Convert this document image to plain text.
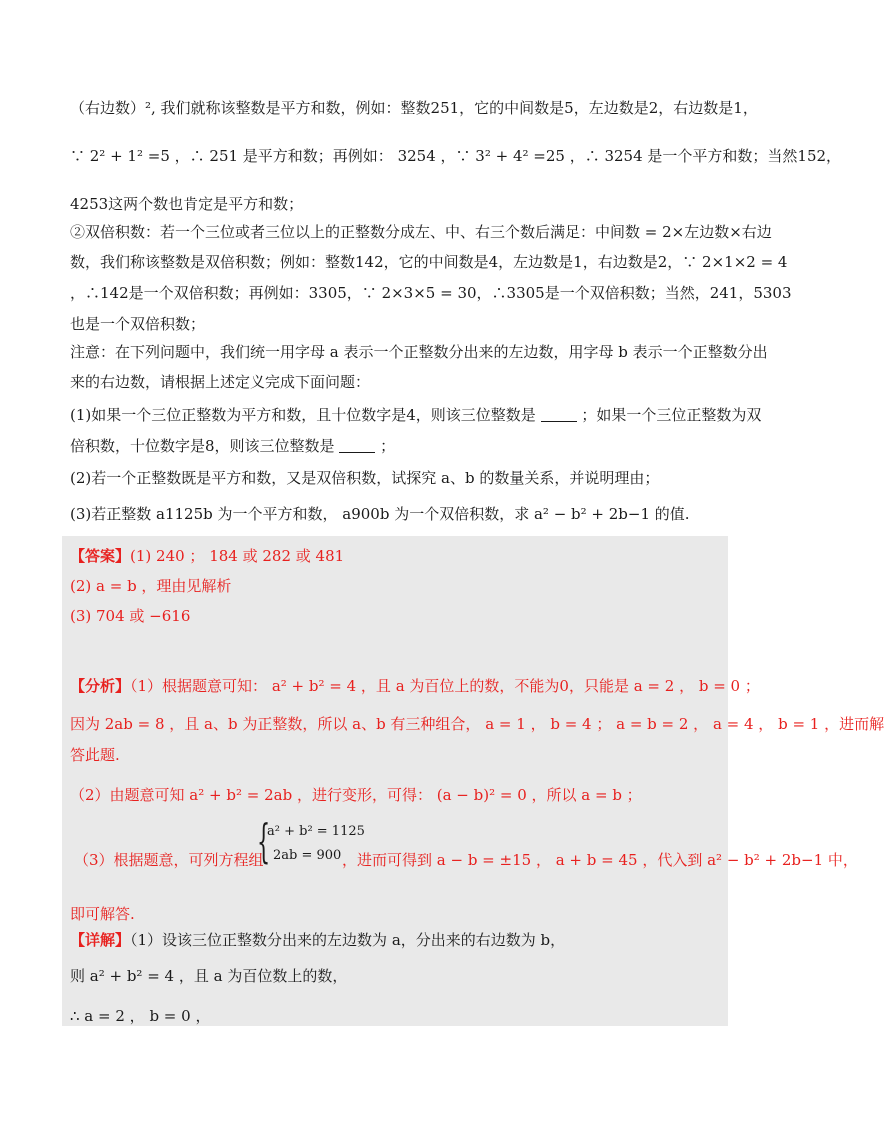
（右边数）², 我们就称该整数是平方和数，例如：整数251，它的中间数是5，左边数是2，右边数是1，
∵ 2² + 1² =5 ，∴ 251 是平方和数；再例如： 3254 ，∵ 3² + 4² =25 ，∴ 3254 是一个平方和数；当然152，
4253这两个数也肯定是平方和数；
②双倍积数：若一个三位或者三位以上的正整数分成左、中、右三个数后满足：中间数 = 2×左边数×右边
数，我们称该整数是双倍积数；例如：整数142，它的中间数是4，左边数是1，右边数是2，∵ 2×1×2 = 4
，∴142是一个双倍积数；再例如：3305，∵ 2×3×5 = 30，∴3305是一个双倍积数；当然，241，5303
也是一个双倍积数；
注意：在下列问题中，我们统一用字母 a 表示一个正整数分出来的左边数，用字母 b 表示一个正整数分出
来的右边数，请根据上述定义完成下面问题：
(1)如果一个三位正整数为平方和数，且十位数字是4，则该三位整数是	；如果一个三位正整数为双
倍积数，十位数字是8，则该三位整数是	；
(2)若一个正整数既是平方和数，又是双倍积数，试探究 a、b 的数量关系，并说明理由；
(3)若正整数 a1125b 为一个平方和数， a900b 为一个双倍积数，求 a² − b² + 2b−1 的值.
【答案】(1) 240 ； 184 或 282 或 481
(2) a = b ，理由见解析
(3) 704 或 −616
【分析】（1）根据题意可知： a² + b² = 4 ，且 a 为百位上的数，不能为0，只能是 a = 2 ， b = 0 ；
因为 2ab = 8 ，且 a、b 为正整数，所以 a、b 有三种组合， a = 1 ， b = 4 ； a = b = 2 ， a = 4 ， b = 1 ，进而解
答此题.
（2）由题意可知 a² + b² = 2ab ，进行变形，可得： (a − b)² = 0 ，所以 a = b ；
（3）根据题意，可列方程组
{
a² + b² = 1125
2ab = 900 ，进而可得到 a − b = ±15 ， a + b = 45 ，代入到 a² − b² + 2b−1 中，
即可解答.
【详解】（1）设该三位正整数分出来的左边数为 a，分出来的右边数为 b，
则 a² + b² = 4 ，且 a 为百位数上的数，
∴ a = 2 ， b = 0 ，
